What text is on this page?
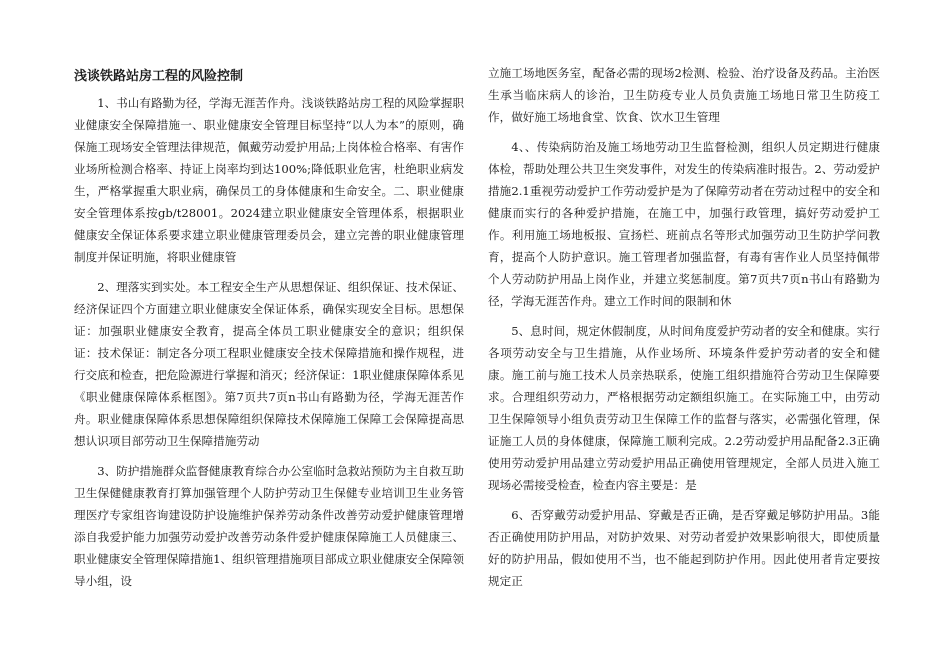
浅谈铁路站房工程的风险控制

1、书山有路勤为径，学海无涯苦作舟。浅谈铁路站房工程的风险掌握职业健康安全保障措施一、职业健康安全管理目标坚持“以人为本”的原则，确保施工现场安全管理法律规范，佩戴劳动爱护用品;上岗体检合格率、有害作业场所检测合格率、持证上岗率均到达100%;降低职业危害，杜绝职业病发生，严格掌握重大职业病，确保员工的身体健康和生命安全。二、职业健康安全管理体系按gb/t28001。2024建立职业健康安全管理体系，根据职业健康安全保证体系要求建立职业健康管理委员会，建立完善的职业健康管理制度并保证明施，将职业健康管

2、理落实到实处。本工程安全生产从思想保证、组织保证、技术保证、经济保证四个方面建立职业健康安全保证体系，确保实现安全目标。思想保证：加强职业健康安全教育，提高全体员工职业健康安全的意识；组织保证：技术保证：制定各分项工程职业健康安全技术保障措施和操作规程，进行交底和检查，把危险源进行掌握和消灭；经济保证：1职业健康保障体系见《职业健康保障体系框图》。第7页共7页n书山有路勤为径，学海无涯苦作舟。职业健康保障体系思想保障组织保障技术保障施工保障工会保障提高思想认识项目部劳动卫生保障措施劳动

3、防护措施群众监督健康教育综合办公室临时急救站预防为主自救互助卫生保健健康教育打算加强管理个人防护劳动卫生保健专业培训卫生业务管理医疗专家组咨询建设防护设施维护保养劳动条件改善劳动爱护健康管理增添自我爱护能力加强劳动爱护改善劳动条件爱护健康保障施工人员健康三、职业健康安全管理保障措施1、组织管理措施项目部成立职业健康安全保障领导小组，设

立施工场地医务室，配备必需的现场2检测、检验、治疗设备及药品。主治医生承当临床病人的诊治，卫生防疫专业人员负责施工场地日常卫生防疫工作，做好施工场地食堂、饮食、饮水卫生管理

4、、传染病防治及施工场地劳动卫生监督检测，组织人员定期进行健康体检，帮助处理公共卫生突发事件，对发生的传染病准时报告。2、劳动爱护措施2.1重视劳动爱护工作劳动爱护是为了保障劳动者在劳动过程中的安全和健康而实行的各种爱护措施，在施工中，加强行政管理，搞好劳动爱护工作。利用施工场地板报、宣扬栏、班前点名等形式加强劳动卫生防护学问教育，提高个人防护意识。施工管理者加强监督，有毒有害作业人员坚持佩带个人劳动防护用品上岗作业，并建立奖惩制度。第7页共7页n书山有路勤为径，学海无涯苦作舟。建立工作时间的限制和休

5、息时间，规定休假制度，从时间角度爱护劳动者的安全和健康。实行各项劳动安全与卫生措施，从作业场所、环境条件爱护劳动者的安全和健康。施工前与施工技术人员亲热联系，使施工组织措施符合劳动卫生保障要求。合理组织劳动力，严格根据劳动定额组织施工。在实际施工中，由劳动卫生保障领导小组负责劳动卫生保障工作的监督与落实，必需强化管理，保证施工人员的身体健康，保障施工顺利完成。2.2劳动爱护用品配备2.3正确使用劳动爱护用品建立劳动爱护用品正确使用管理规定，全部人员进入施工现场必需接受检查，检查内容主要是：是

6、否穿戴劳动爱护用品、穿戴是否正确，是否穿戴足够防护用品。3能否正确使用防护用品，对防护效果、对劳动者爱护效果影响很大，即使质量好的防护用品，假如使用不当，也不能起到防护作用。因此使用者肯定要按规定正
